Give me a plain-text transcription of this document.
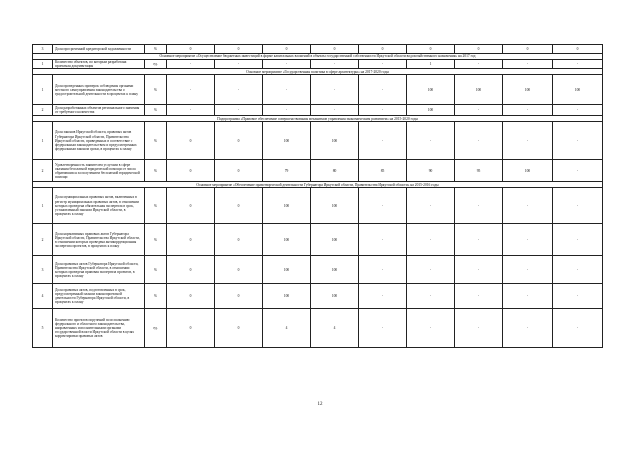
3	Доля просроченной кредиторской задолженности	%	0	0	0	0	0	0	0	0	0
Основное мероприятие «Осуществление бюджетных инвестиций в форме капитальных вложений в объекты государственной собственности Иркутской области водохозяйственного назначения» на 2017 год											
1	Количество объектов, по которым разработана проектная документация	ед.	-	-	-	-	-	1	-	-	-
Основное мероприятие «Государственная политика в сфере архитектуры» на 2017-2020 годы											
1	Доля проведенных проверок соблюдения органами местного самоуправления законодательства о градостроительной деятельности в процентах к плану	%	-	-	-	-	-	100	100	100	100
2	Доля разработанных объектов регионального значения от требуемого количества	%	-	-	-	-	-	100	-	-	-
Подпрограмма «Правовое обеспечение совершенствования механизмов управления экономическим развитием» на 2015-2020 годы											
1	Доля законов Иркутской области, правовых актов Губернатора Иркутской области, Правительства Иркутской области, приведенных в соответствие с федеральным законодательством и предусмотренных федеральным законом сроки, в процентах к плану	%	0	0	100	100	-	-	-	-	-
2	Удовлетворенность заявителем услугами в сфере оказания бесплатной юридической помощи от числа обратившихся за получением бесплатной юридической помощи	%	0	0	79	80	85	90	95	100	-
Основное мероприятие «Обеспечение правотворческой деятельности Губернатора Иркутской области, Правительства Иркутской области» на 2015-2016 годы											
1	Доля муниципальных правовых актов, включенных в регистр муниципальных правовых актов, в отношении которых проведена обязательная экспертиза в срок, установленный законом Иркутской области, в процентах к плану	%	0	0	100	100	-	-	-	-	-
2	Доля нормативных правовых актов Губернатора Иркутской области, Правительства Иркутской области, в отношении которых проведена антикоррупционная экспертиза проектов, в процентах к плану	%	0	0	100	100	-	-	-	-	-
3	Доля правовых актов Губернатора Иркутской области, Правительства Иркутской области, в отношении которых проведена правовая экспертиза проектов, в процентах к плану	%	0	0	100	100	-	-	-	-	-
4	Доля правовых актов, подготовленных в срок, предусмотренный планом законопроектной деятельности Губернатора Иркутской области, в процентах к плану	%	0	0	100	100	-	-	-	-	-
5	Количество проектов поручений по исполнению федерального и областного законодательства, направленных исполнительными органами государственной власти Иркутской области в целях корректировки правовых актов	ед.	0	0	4	4	-	-	-	-	-
12
